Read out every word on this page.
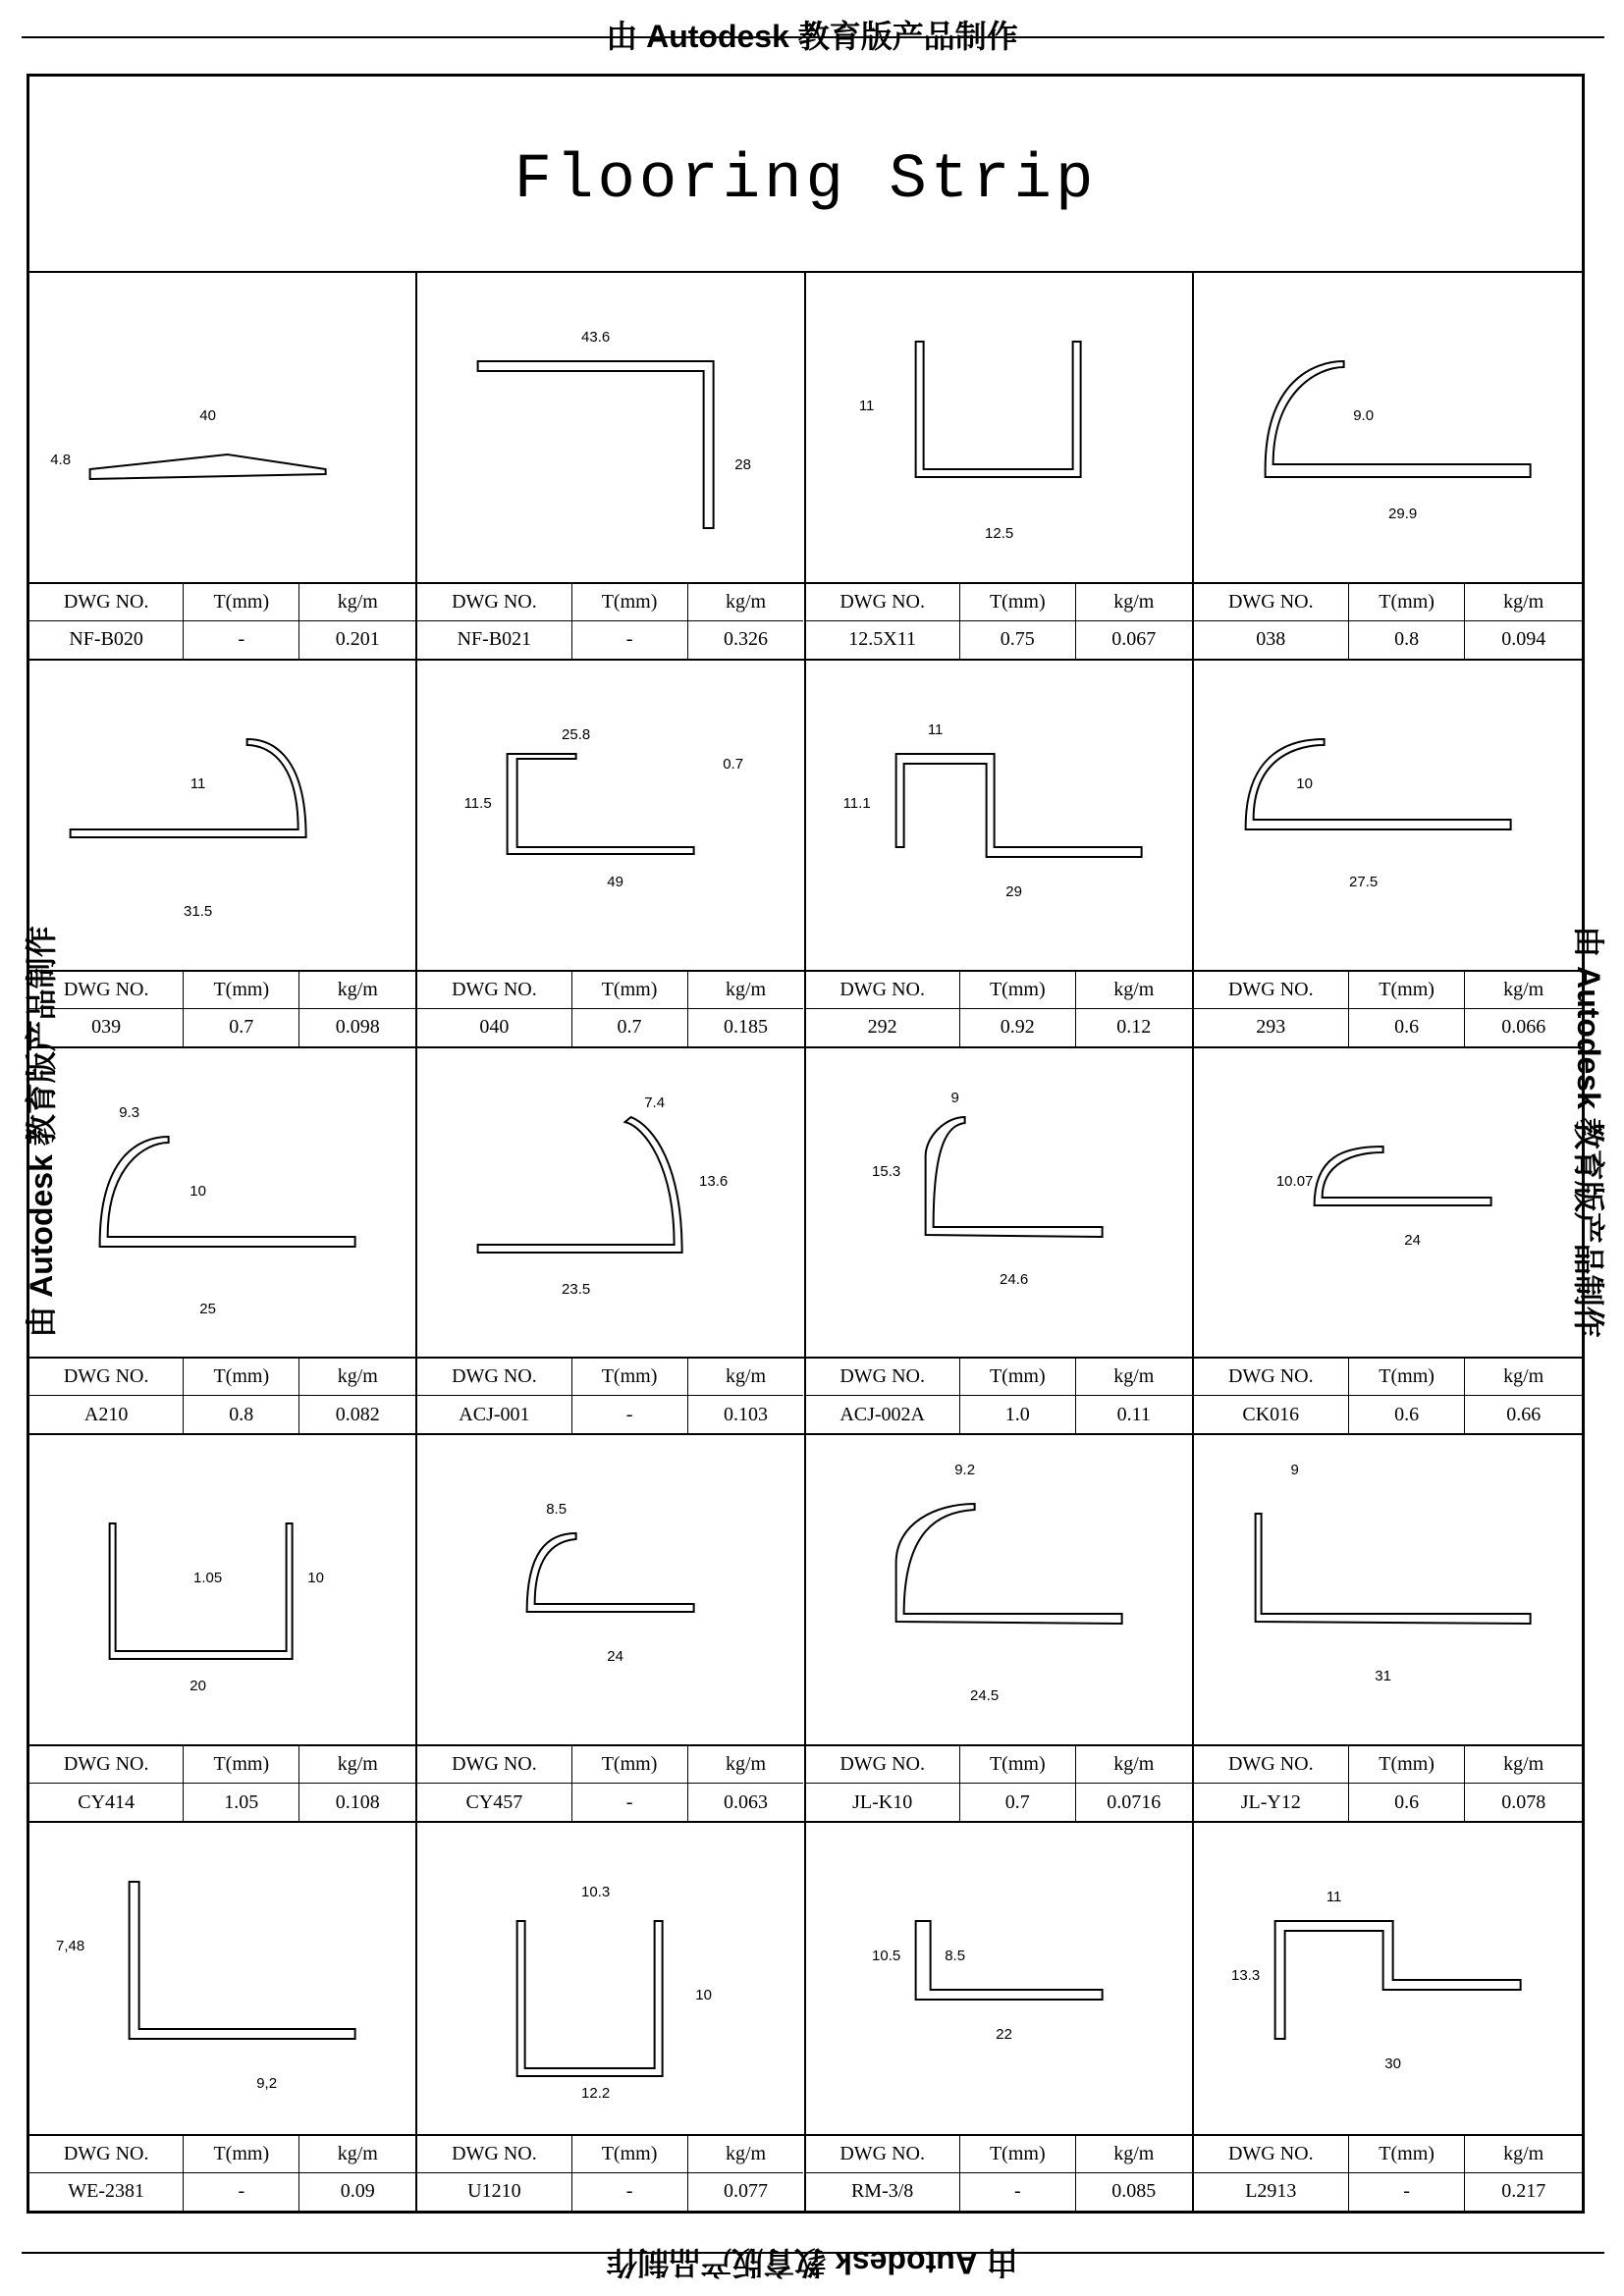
由 Autodesk 教育版产品制作
由 Autodesk 教育版产品制作	由 Autodesk 教育版产品制作
由 Autodesk 教育版产品制作
Flooring Strip
40
4.8
DWG NO.	T(mm)	kg/m
NF-B020	-	0.201
43.6
28
DWG NO.	T(mm)	kg/m
NF-B021	-	0.326
11
12.5
DWG NO.	T(mm)	kg/m
12.5X11	0.75	0.067
9.0
29.9
DWG NO.	T(mm)	kg/m
038	0.8	0.094
11
31.5
DWG NO.	T(mm)	kg/m
039	0.7	0.098
25.8
11.5
0.7
49
DWG NO.	T(mm)	kg/m
040	0.7	0.185
11
11.1
29
DWG NO.	T(mm)	kg/m
292	0.92	0.12
10
27.5
DWG NO.	T(mm)	kg/m
293	0.6	0.066
9.3
10
25
DWG NO.	T(mm)	kg/m
A210	0.8	0.082
7.4
13.6
23.5
DWG NO.	T(mm)	kg/m
ACJ-001	-	0.103
9
15.3
24.6
DWG NO.	T(mm)	kg/m
ACJ-002A	1.0	0.11
10.07
24
DWG NO.	T(mm)	kg/m
CK016	0.6	0.66
1.05	10
20
DWG NO.	T(mm)	kg/m
CY414	1.05	0.108
8.5
24
DWG NO.	T(mm)	kg/m
CY457	-	0.063
9.2
24.5
DWG NO.	T(mm)	kg/m
JL-K10	0.7	0.0716
9
31
DWG NO.	T(mm)	kg/m
JL-Y12	0.6	0.078
7,48
9,2
DWG NO.	T(mm)	kg/m
WE-2381	-	0.09
10.3
10
12.2
DWG NO.	T(mm)	kg/m
U1210	-	0.077
10.5	8.5
22
DWG NO.	T(mm)	kg/m
RM-3/8	-	0.085
11
13.3
30
DWG NO.	T(mm)	kg/m
L2913	-	0.217
